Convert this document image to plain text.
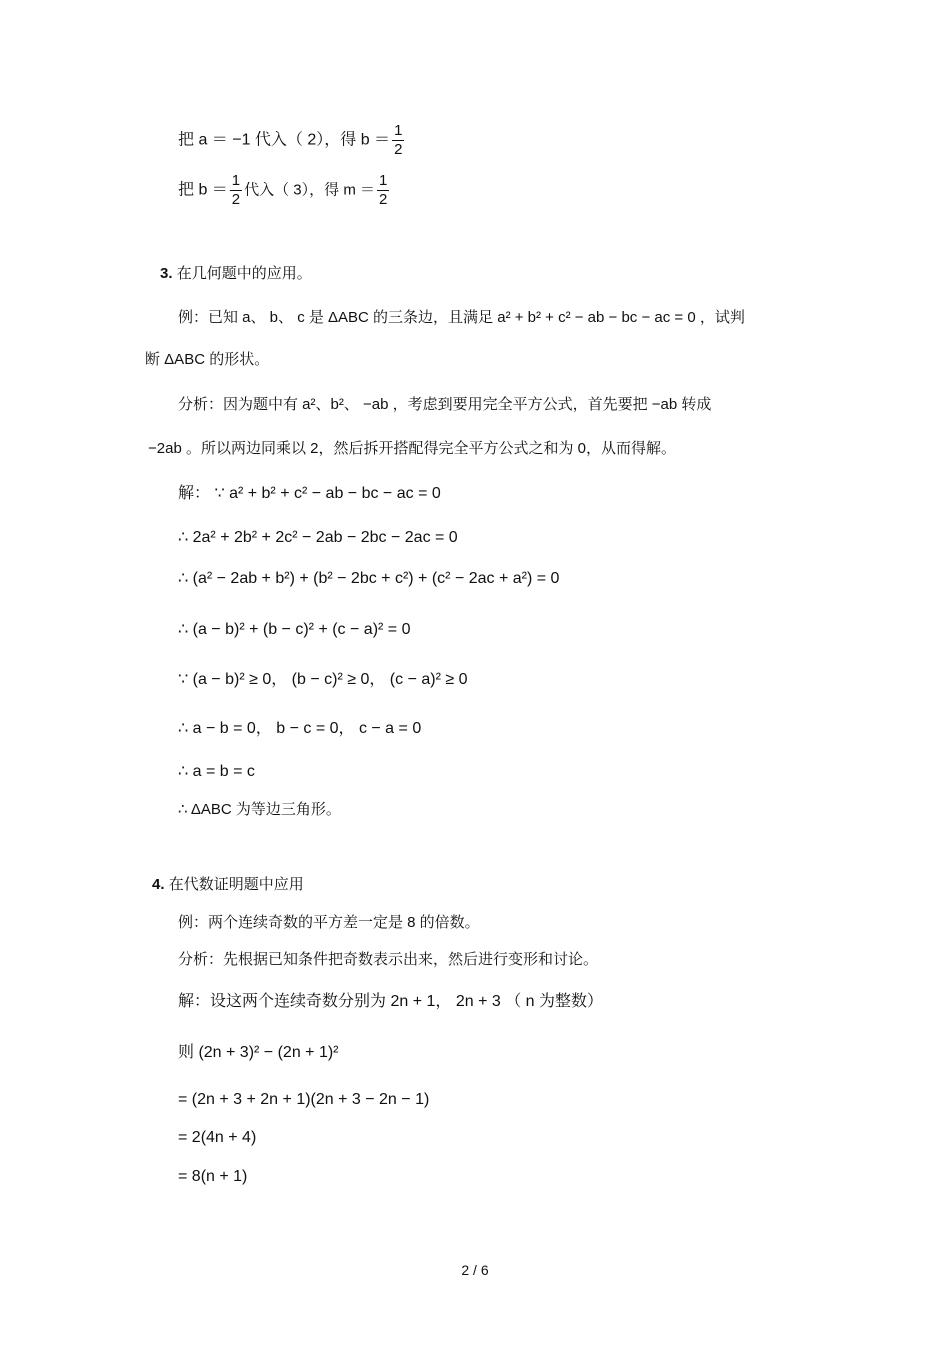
把 a ＝ −1 代入（ 2），得 $b = \frac{1}{2}$
把 $b = \frac{1}{2}$ 代入（ 3），得 $m = \frac{1}{2}$
3. 在几何题中的应用。
例：已知 a、 b、 c 是 ΔABC 的三条边，且满足 a² + b² + c² − ab − bc − ac = 0 ，试判
断 ΔABC 的形状。
分析：因为题中有 a²、b²、 −ab ，考虑到要用完全平方公式，首先要把 −ab 转成
−2ab 。所以两边同乘以 2，然后拆开搭配得完全平方公式之和为 0，从而得解。
解： ∵ a² + b² + c² − ab − bc − ac = 0
∴ 2a² + 2b² + 2c² − 2ab − 2bc − 2ac = 0
∴ (a² − 2ab + b²) + (b² − 2bc + c²) + (c² − 2ac + a²) = 0
∴ (a − b)² + (b − c)² + (c − a)² = 0
∵ (a − b)² ≥ 0， (b − c)² ≥ 0， (c − a)² ≥ 0
∴ a − b = 0， b − c = 0， c − a = 0
∴ a = b = c
∴ ΔABC 为等边三角形。
4. 在代数证明题中应用
例：两个连续奇数的平方差一定是 8 的倍数。
分析：先根据已知条件把奇数表示出来，然后进行变形和讨论。
解：设这两个连续奇数分别为 2n + 1， 2n + 3 （ n 为整数）
则 (2n + 3)² − (2n + 1)²
= (2n + 3 + 2n + 1)(2n + 3 − 2n − 1)
= 2(4n + 4)
= 8(n + 1)
2 / 6
